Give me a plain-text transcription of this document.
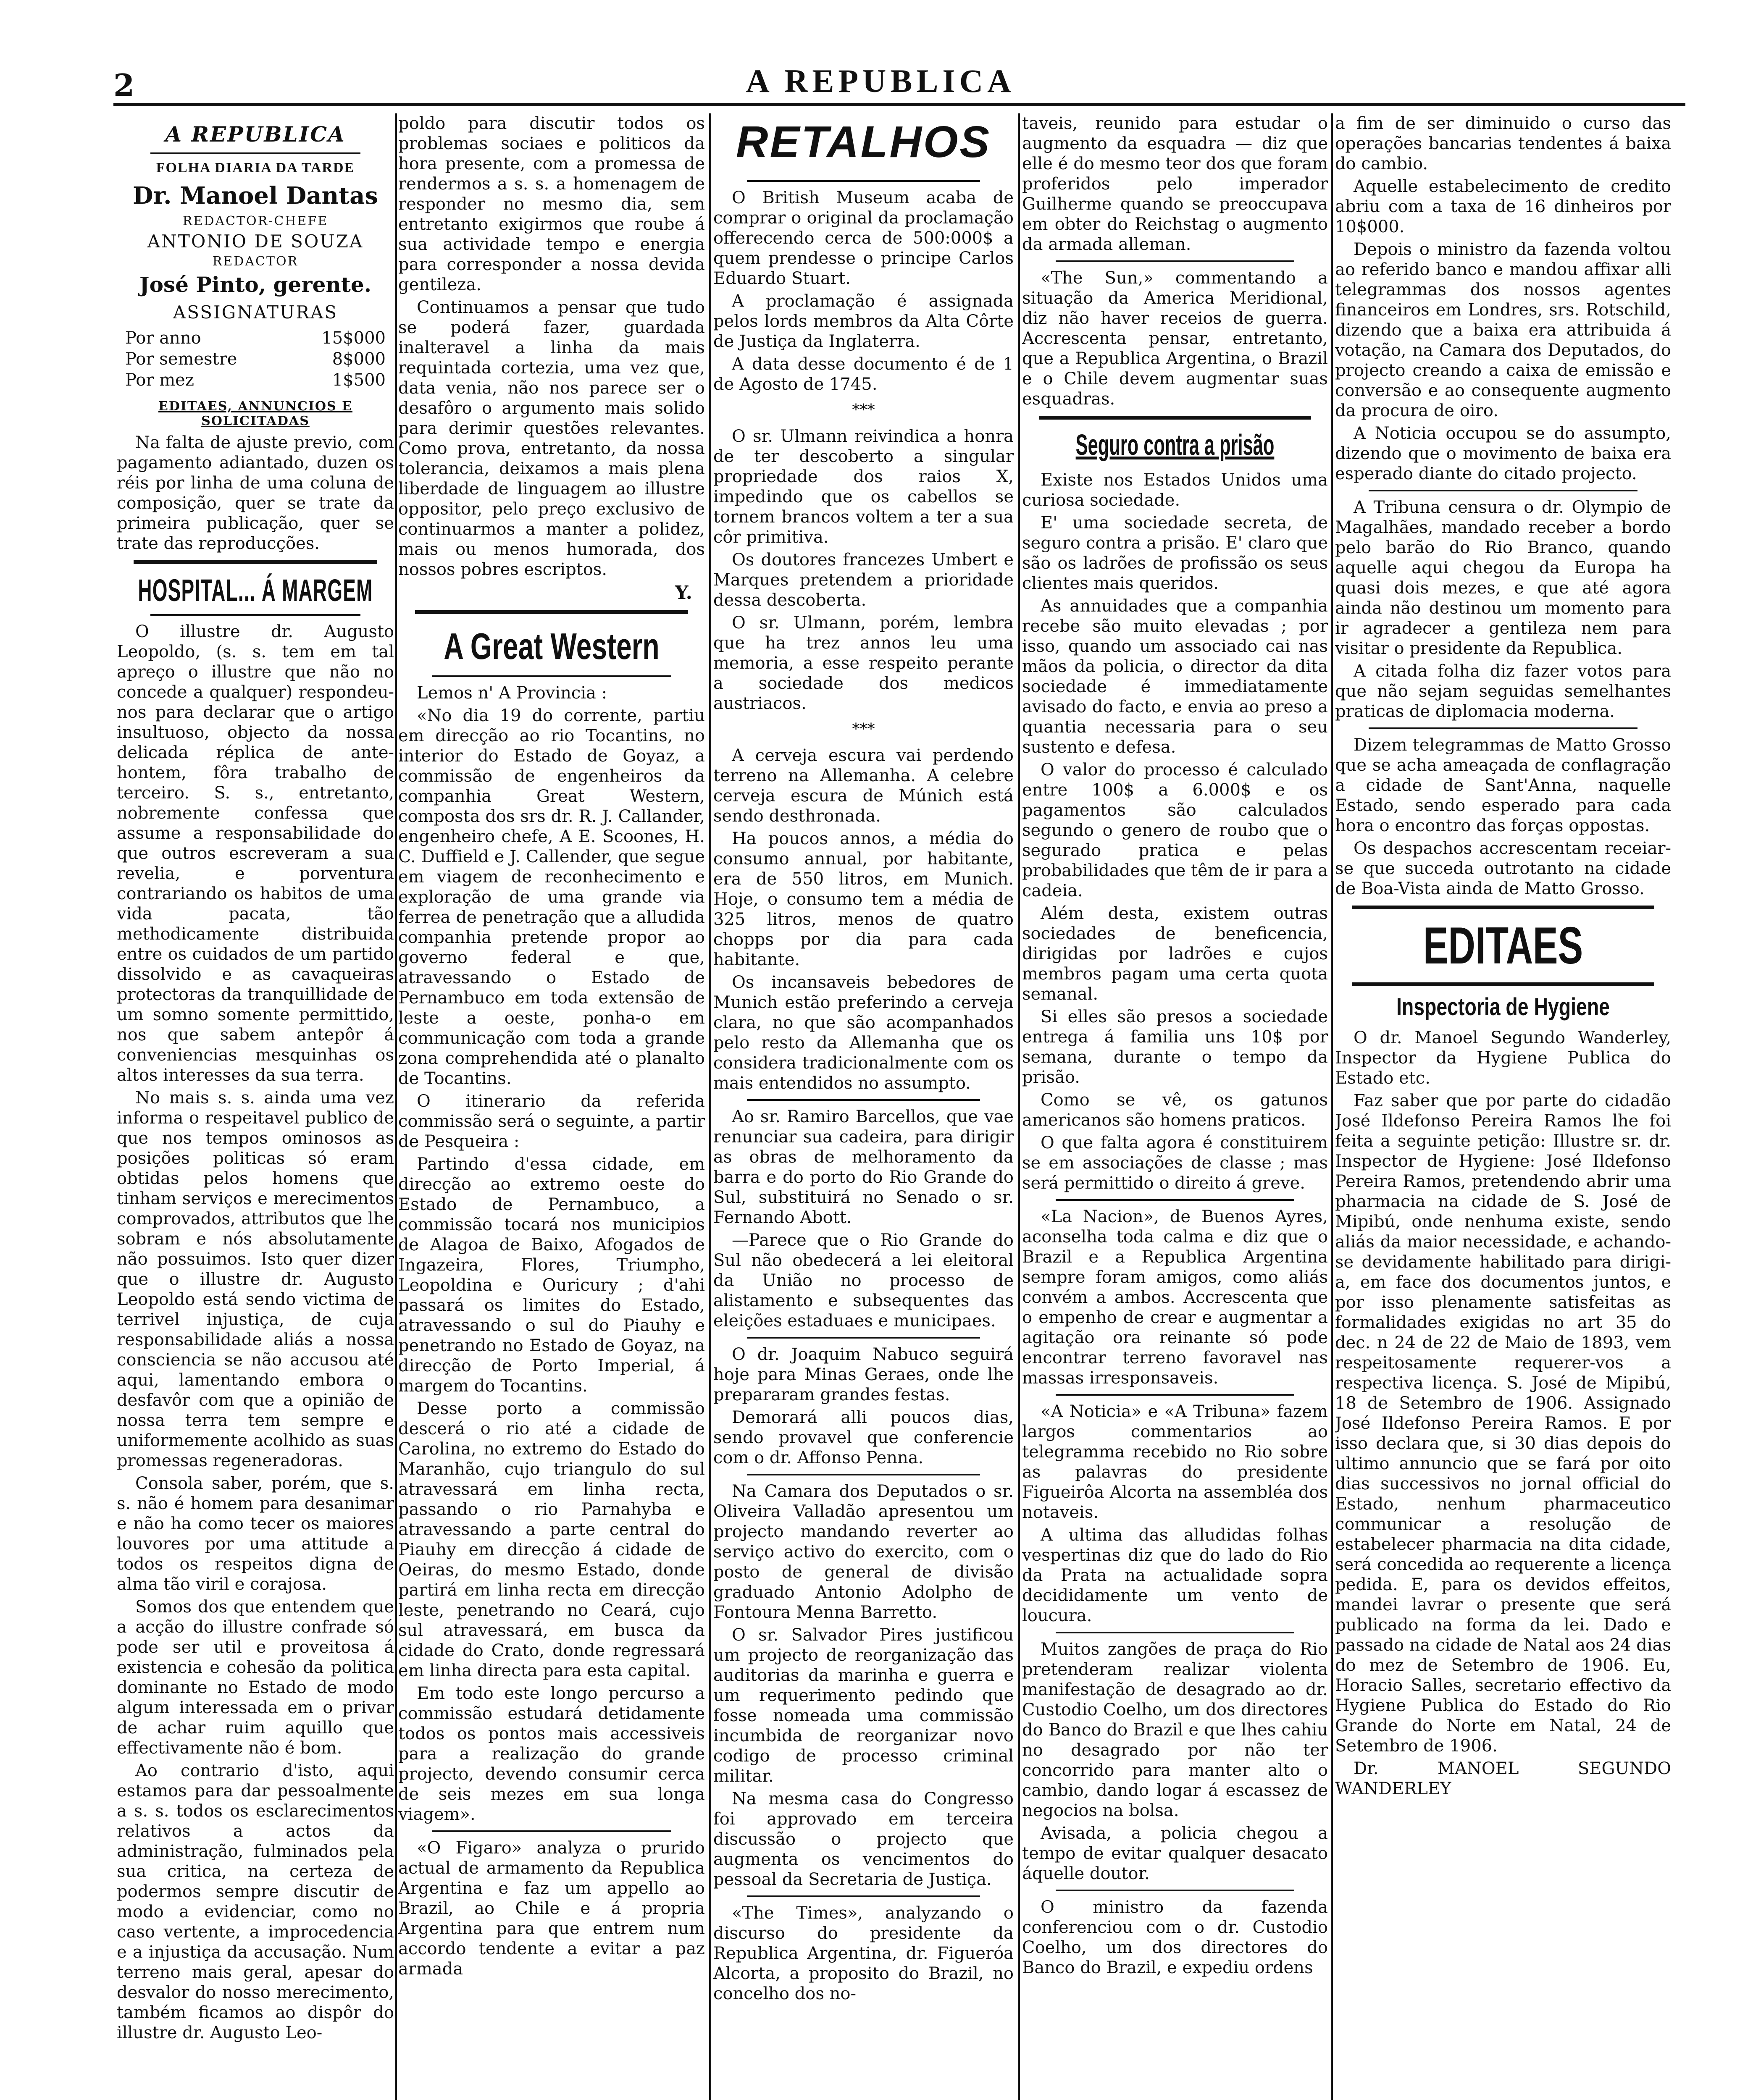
2	A REPUBLICA
A REPUBLICA
FOLHA DIARIA DA TARDE
Dr. Manoel Dantas
REDACTOR-CHEFE
ANTONIO DE SOUZA
REDACTOR
José Pinto, gerente.
ASSIGNATURAS
Por anno	15$000
Por semestre	8$000
Por mez	1$500
EDITAES, ANNUNCIOS E SOLICITADAS

Na falta de ajuste previo, com pagamento adiantado, duzen os réis por linha de uma coluna de composição, quer se trate da primeira publicação, quer se trate das reproducções.

HOSPITAL... Á MARGEM

O illustre dr. Augusto Leopoldo, (s. s. tem em tal apreço o illustre que não no concede a qualquer) respondeu-nos para declarar que o artigo insultuoso, objecto da nossa delicada réplica de ante-hontem, fôra trabalho de terceiro. S. s., entretanto, nobremente confessa que assume a responsabilidade do que outros escreveram a sua revelia, e porventura contrariando os habitos de uma vida pacata, tão methodicamente distribuida entre os cuidados de um partido dissolvido e as cavaqueiras protectoras da tranquillidade de um somno somente permittido, nos que sabem antepôr á conveniencias mesquinhas os altos interesses da sua terra.

No mais s. s. ainda uma vez informa o respeitavel publico de que nos tempos ominosos as posições politicas só eram obtidas pelos homens que tinham serviços e merecimentos comprovados, attributos que lhe sobram e nós absolutamente não possuimos. Isto quer dizer que o illustre dr. Augusto Leopoldo está sendo victima de terrivel injustiça, de cuja responsabilidade aliás a nossa consciencia se não accusou até aqui, lamentando embora o desfavôr com que a opinião de nossa terra tem sempre e uniformemente acolhido as suas promessas regeneradoras.

Consola saber, porém, que s. s. não é homem para desanimar e não ha como tecer os maiores louvores por uma attitude a todos os respeitos digna de alma tão viril e corajosa.

Somos dos que entendem que a acção do illustre confrade só pode ser util e proveitosa á existencia e cohesão da politica dominante no Estado de modo algum interessada em o privar de achar ruim aquillo que effectivamente não é bom.

Ao contrario d'isto, aqui estamos para dar pessoalmente a s. s. todos os esclarecimentos relativos a actos da administração, fulminados pela sua critica, na certeza de podermos sempre discutir de modo a evidenciar, como no caso vertente, a improcedencia e a injustiça da accusação. Num terreno mais geral, apesar do desvalor do nosso merecimento, também ficamos ao dispôr do illustre dr. Augusto Leo-

poldo para discutir todos os problemas sociaes e politicos da hora presente, com a promessa de rendermos a s. s. a homenagem de responder no mesmo dia, sem entretanto exigirmos que roube á sua actividade tempo e energia para corresponder a nossa devida gentileza.

Continuamos a pensar que tudo se poderá fazer, guardada inalteravel a linha da mais requintada cortezia, uma vez que, data venia, não nos parece ser o desafôro o argumento mais solido para derimir questões relevantes. Como prova, entretanto, da nossa tolerancia, deixamos a mais plena liberdade de linguagem ao illustre oppositor, pelo preço exclusivo de continuarmos a manter a polidez, mais ou menos humorada, dos nossos pobres escriptos.

Y.
A Great Western

Lemos n' A Provincia :

«No dia 19 do corrente, partiu em direcção ao rio Tocantins, no interior do Estado de Goyaz, a commissão de engenheiros da companhia Great Western, composta dos srs dr. R. J. Callander, engenheiro chefe, A E. Scoones, H. C. Duffield e J. Callender, que segue em viagem de reconhecimento e exploração de uma grande via ferrea de penetração que a alludida companhia pretende propor ao governo federal e que, atravessando o Estado de Pernambuco em toda extensão de leste a oeste, ponha-o em communicação com toda a grande zona comprehendida até o planalto de Tocantins.

O itinerario da referida commissão será o seguinte, a partir de Pesqueira :

Partindo d'essa cidade, em direcção ao extremo oeste do Estado de Pernambuco, a commissão tocará nos municipios de Alagoa de Baixo, Afogados de Ingazeira, Flores, Triumpho, Leopoldina e Ouricury ; d'ahi passará os limites do Estado, atravessando o sul do Piauhy e penetrando no Estado de Goyaz, na direcção de Porto Imperial, á margem do Tocantins.

Desse porto a commissão descerá o rio até a cidade de Carolina, no extremo do Estado do Maranhão, cujo triangulo do sul atravessará em linha recta, passando o rio Parnahyba e atravessando a parte central do Piauhy em direcção á cidade de Oeiras, do mesmo Estado, donde partirá em linha recta em direcção leste, penetrando no Ceará, cujo sul atravessará, em busca da cidade do Crato, donde regressará em linha directa para esta capital.

Em todo este longo percurso a commissão estudará detidamente todos os pontos mais accessiveis para a realização do grande projecto, devendo consumir cerca de seis mezes em sua longa viagem».

«O Figaro» analyza o prurido actual de armamento da Republica Argentina e faz um appello ao Brazil, ao Chile e á propria Argentina para que entrem num accordo tendente a evitar a paz armada

RETALHOS

O British Museum acaba de comprar o original da proclamação offerecendo cerca de 500:000$ a quem prendesse o principe Carlos Eduardo Stuart.

A proclamação é assignada pelos lords membros da Alta Côrte de Justiça da Inglaterra.

A data desse documento é de 1 de Agosto de 1745.

***

O sr. Ulmann reivindica a honra de ter descoberto a singular propriedade dos raios X, impedindo que os cabellos se tornem brancos voltem a ter a sua côr primitiva.

Os doutores francezes Umbert e Marques pretendem a prioridade dessa descoberta.

O sr. Ulmann, porém, lembra que ha trez annos leu uma memoria, a esse respeito perante a sociedade dos medicos austriacos.

***

A cerveja escura vai perdendo terreno na Allemanha. A celebre cerveja escura de Múnich está sendo desthronada.

Ha poucos annos, a média do consumo annual, por habitante, era de 550 litros, em Munich. Hoje, o consumo tem a média de 325 litros, menos de quatro chopps por dia para cada habitante.

Os incansaveis bebedores de Munich estão preferindo a cerveja clara, no que são acompanhados pelo resto da Allemanha que os considera tradicionalmente com os mais entendidos no assumpto.

Ao sr. Ramiro Barcellos, que vae renunciar sua cadeira, para dirigir as obras de melhoramento da barra e do porto do Rio Grande do Sul, substituirá no Senado o sr. Fernando Abott.

—Parece que o Rio Grande do Sul não obedecerá a lei eleitoral da União no processo de alistamento e subsequentes das eleições estaduaes e municipaes.

O dr. Joaquim Nabuco seguirá hoje para Minas Geraes, onde lhe prepararam grandes festas.

Demorará alli poucos dias, sendo provavel que conferencie com o dr. Affonso Penna.

Na Camara dos Deputados o sr. Oliveira Valladão apresentou um projecto mandando reverter ao serviço activo do exercito, com o posto de general de divisão graduado Antonio Adolpho de Fontoura Menna Barretto.

O sr. Salvador Pires justificou um projecto de reorganização das auditorias da marinha e guerra e um requerimento pedindo que fosse nomeada uma commissão incumbida de reorganizar novo codigo de processo criminal militar.

Na mesma casa do Congresso foi approvado em terceira discussão o projecto que augmenta os vencimentos do pessoal da Secretaria de Justiça.

«The Times», analyzando o discurso do presidente da Republica Argentina, dr. Figueróa Alcorta, a proposito do Brazil, no concelho dos no-

taveis, reunido para estudar o augmento da esquadra — diz que elle é do mesmo teor dos que foram proferidos pelo imperador Guilherme quando se preoccupava em obter do Reichstag o augmento da armada alleman.

«The Sun,» commentando a situação da America Meridional, diz não haver receios de guerra. Accrescenta pensar, entretanto, que a Republica Argentina, o Brazil e o Chile devem augmentar suas esquadras.

Seguro contra a prisão

Existe nos Estados Unidos uma curiosa sociedade.

E' uma sociedade secreta, de seguro contra a prisão. E' claro que são os ladrões de profissão os seus clientes mais queridos.

As annuidades que a companhia recebe são muito elevadas ; por isso, quando um associado cai nas mãos da policia, o director da dita sociedade é immediatamente avisado do facto, e envia ao preso a quantia necessaria para o seu sustento e defesa.

O valor do processo é calculado entre 100$ a 6.000$ e os pagamentos são calculados segundo o genero de roubo que o segurado pratica e pelas probabilidades que têm de ir para a cadeia.

Além desta, existem outras sociedades de beneficencia, dirigidas por ladrões e cujos membros pagam uma certa quota semanal.

Si elles são presos a sociedade entrega á familia uns 10$ por semana, durante o tempo da prisão.

Como se vê, os gatunos americanos são homens praticos.

O que falta agora é constituirem se em associações de classe ; mas será permittido o direito á greve.

«La Nacion», de Buenos Ayres, aconselha toda calma e diz que o Brazil e a Republica Argentina sempre foram amigos, como aliás convém a ambos. Accrescenta que o empenho de crear e augmentar a agitação ora reinante só pode encontrar terreno favoravel nas massas irresponsaveis.

«A Noticia» e «A Tribuna» fazem largos commentarios ao telegramma recebido no Rio sobre as palavras do presidente Figueirôa Alcorta na assembléa dos notaveis.

A ultima das alludidas folhas vespertinas diz que do lado do Rio da Prata na actualidade sopra decididamente um vento de loucura.

Muitos zangões de praça do Rio pretenderam realizar violenta manifestação de desagrado ao dr. Custodio Coelho, um dos directores do Banco do Brazil e que lhes cahiu no desagrado por não ter concorrido para manter alto o cambio, dando logar á escassez de negocios na bolsa.

Avisada, a policia chegou a tempo de evitar qualquer desacato áquelle doutor.

O ministro da fazenda conferenciou com o dr. Custodio Coelho, um dos directores do Banco do Brazil, e expediu ordens

a fim de ser diminuido o curso das operações bancarias tendentes á baixa do cambio.

Aquelle estabelecimento de credito abriu com a taxa de 16 dinheiros por 10$000.

Depois o ministro da fazenda voltou ao referido banco e mandou affixar alli telegrammas dos nossos agentes financeiros em Londres, srs. Rotschild, dizendo que a baixa era attribuida á votação, na Camara dos Deputados, do projecto creando a caixa de emissão e conversão e ao consequente augmento da procura de oiro.

A Noticia occupou se do assumpto, dizendo que o movimento de baixa era esperado diante do citado projecto.

A Tribuna censura o dr. Olympio de Magalhães, mandado receber a bordo pelo barão do Rio Branco, quando aquelle aqui chegou da Europa ha quasi dois mezes, e que até agora ainda não destinou um momento para ir agradecer a gentileza nem para visitar o presidente da Republica.

A citada folha diz fazer votos para que não sejam seguidas semelhantes praticas de diplomacia moderna.

Dizem telegrammas de Matto Grosso que se acha ameaçada de conflagração a cidade de Sant'Anna, naquelle Estado, sendo esperado para cada hora o encontro das forças oppostas.

Os despachos accrescentam receiar-se que succeda outrotanto na cidade de Boa-Vista ainda de Matto Grosso.

EDITAES
Inspectoria de Hygiene

O dr. Manoel Segundo Wanderley, Inspector da Hygiene Publica do Estado etc.

Faz saber que por parte do cidadão José Ildefonso Pereira Ramos lhe foi feita a seguinte petição: Illustre sr. dr. Inspector de Hygiene: José Ildefonso Pereira Ramos, pretendendo abrir uma pharmacia na cidade de S. José de Mipibú, onde nenhuma existe, sendo aliás da maior necessidade, e achando-se devidamente habilitado para dirigi-a, em face dos documentos juntos, e por isso plenamente satisfeitas as formalidades exigidas no art 35 do dec. n 24 de 22 de Maio de 1893, vem respeitosamente requerer-vos a respectiva licença. S. José de Mipibú, 18 de Setembro de 1906. Assignado José Ildefonso Pereira Ramos. E por isso declara que, si 30 dias depois do ultimo annuncio que se fará por oito dias successivos no jornal official do Estado, nenhum pharmaceutico communicar a resolução de estabelecer pharmacia na dita cidade, será concedida ao requerente a licença pedida. E, para os devidos effeitos, mandei lavrar o presente que será publicado na forma da lei. Dado e passado na cidade de Natal aos 24 dias do mez de Setembro de 1906. Eu, Horacio Salles, secretario effectivo da Hygiene Publica do Estado do Rio Grande do Norte em Natal, 24 de Setembro de 1906.

Dr. MANOEL SEGUNDO WANDERLEY
